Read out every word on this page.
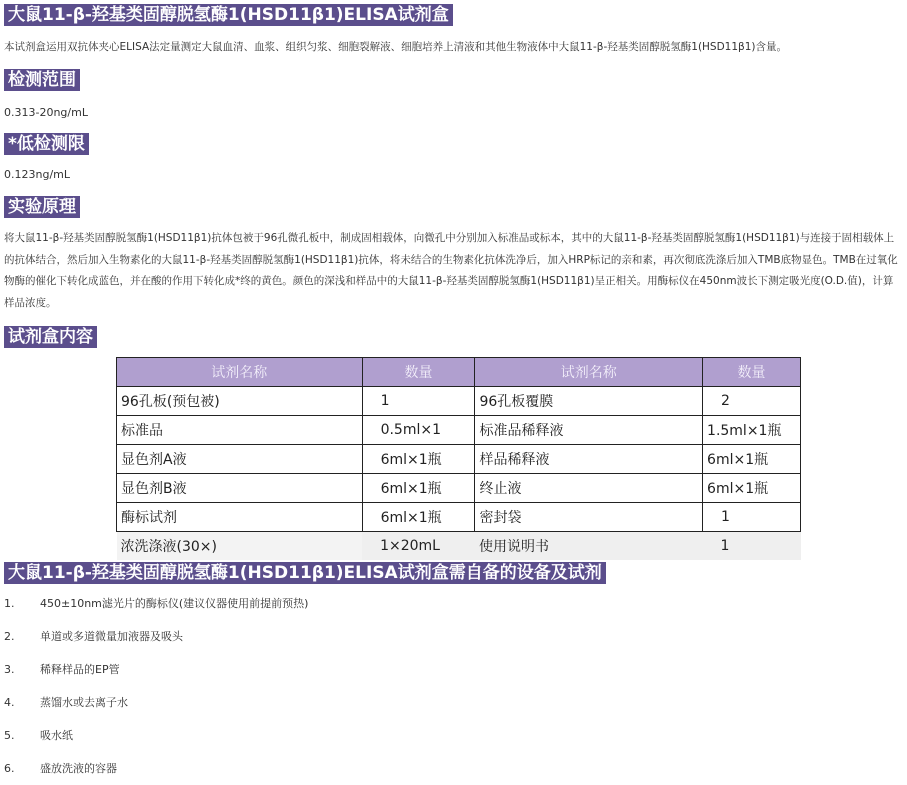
大鼠11-β-羟基类固醇脱氢酶1(HSD11β1)ELISA试剂盒
本试剂盒运用双抗体夹心ELISA法定量测定大鼠血清、血浆、组织匀浆、细胞裂解液、细胞培养上清液和其他生物液体中大鼠11-β-羟基类固醇脱氢酶1(HSD11β1)含量。
检测范围
0.313-20ng/mL
*低检测限
0.123ng/mL
实验原理
将大鼠11-β-羟基类固醇脱氢酶1(HSD11β1)抗体包被于96孔微孔板中，制成固相载体，向微孔中分别加入标准品或标本，其中的大鼠11-β-羟基类固醇脱氢酶1(HSD11β1)与连接于固相载体上的抗体结合，然后加入生物素化的大鼠11-β-羟基类固醇脱氢酶1(HSD11β1)抗体，将未结合的生物素化抗体洗净后，加入HRP标记的亲和素，再次彻底洗涤后加入TMB底物显色。TMB在过氧化物酶的催化下转化成蓝色，并在酸的作用下转化成*终的黄色。颜色的深浅和样品中的大鼠11-β-羟基类固醇脱氢酶1(HSD11β1)呈正相关。用酶标仪在450nm波长下测定吸光度(O.D.值)，计算样品浓度。
试剂盒内容
试剂名称	数量	试剂名称	数量
96孔板(预包被)	1	96孔板覆膜	2
标准品	0.5ml×1	标准品稀释液	1.5ml×1瓶
显色剂A液	6ml×1瓶	样品稀释液	6ml×1瓶
显色剂B液	6ml×1瓶	终止液	6ml×1瓶
酶标试剂	6ml×1瓶	密封袋	1
浓洗涤液(30×)	1×20mL	使用说明书	1
大鼠11-β-羟基类固醇脱氢酶1(HSD11β1)ELISA试剂盒需自备的设备及试剂
1.	450±10nm滤光片的酶标仪(建议仪器使用前提前预热)
2.	单道或多道微量加液器及吸头
3.	稀释样品的EP管
4.	蒸馏水或去离子水
5.	吸水纸
6.	盛放洗液的容器
